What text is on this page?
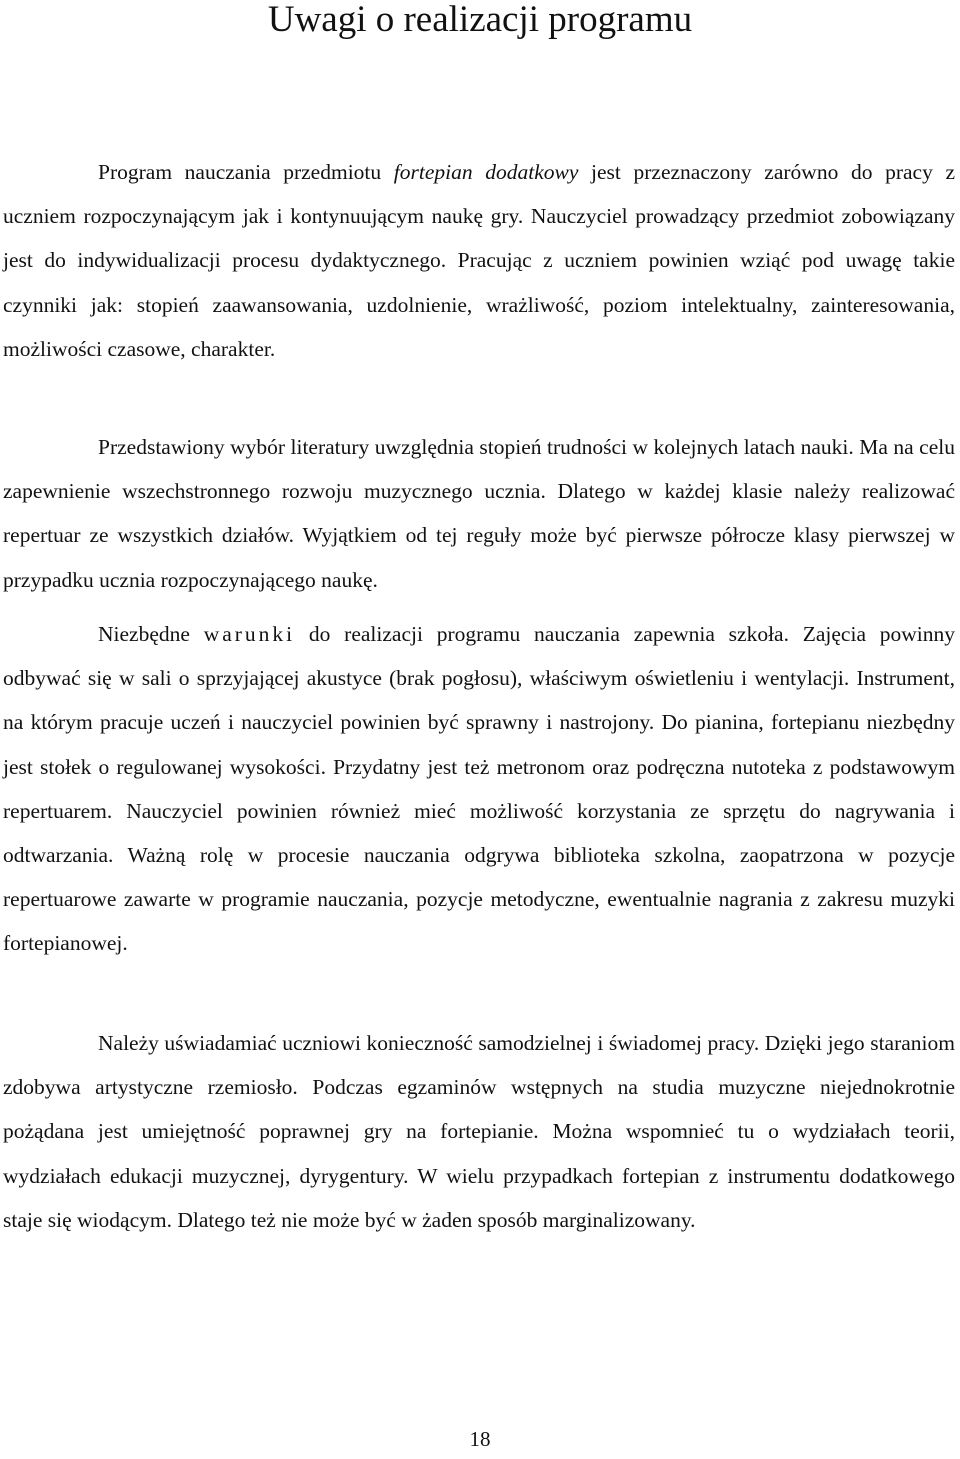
Uwagi o realizacji programu

Program nauczania przedmiotu fortepian dodatkowy jest przeznaczony zarówno do pracy z uczniem rozpoczynającym jak i kontynuującym naukę gry. Nauczyciel prowadzący przedmiot zobowiązany jest do indywidualizacji procesu dydaktycznego. Pracując z uczniem powinien wziąć pod uwagę takie czynniki jak: stopień zaawansowania, uzdolnienie, wrażliwość, poziom intelektualny, zainteresowania, możliwości czasowe, charakter.

Przedstawiony wybór literatury uwzględnia stopień trudności w kolejnych latach nauki. Ma na celu zapewnienie wszechstronnego rozwoju muzycznego ucznia. Dlatego w każdej klasie należy realizować repertuar ze wszystkich działów. Wyjątkiem od tej reguły może być pierwsze półrocze klasy pierwszej w przypadku ucznia rozpoczynającego naukę.

Niezbędne warunki do realizacji programu nauczania zapewnia szkoła. Zajęcia powinny odbywać się w sali o sprzyjającej akustyce (brak pogłosu), właściwym oświetleniu i wentylacji. Instrument, na którym pracuje uczeń i nauczyciel powinien być sprawny i nastrojony. Do pianina, fortepianu niezbędny jest stołek o regulowanej wysokości. Przydatny jest też metronom oraz podręczna nutoteka z podstawowym repertuarem. Nauczyciel powinien również mieć możliwość korzystania ze sprzętu do nagrywania i odtwarzania. Ważną rolę w procesie nauczania odgrywa biblioteka szkolna, zaopatrzona w pozycje repertuarowe zawarte w programie nauczania, pozycje metodyczne, ewentualnie nagrania z zakresu muzyki fortepianowej.

Należy uświadamiać uczniowi konieczność samodzielnej i świadomej pracy. Dzięki jego staraniom zdobywa artystyczne rzemiosło. Podczas egzaminów wstępnych na studia muzyczne niejednokrotnie pożądana jest umiejętność poprawnej gry na fortepianie. Można wspomnieć tu o wydziałach teorii, wydziałach edukacji muzycznej, dyrygentury. W wielu przypadkach fortepian z instrumentu dodatkowego staje się wiodącym. Dlatego też nie może być w żaden sposób marginalizowany.

18
